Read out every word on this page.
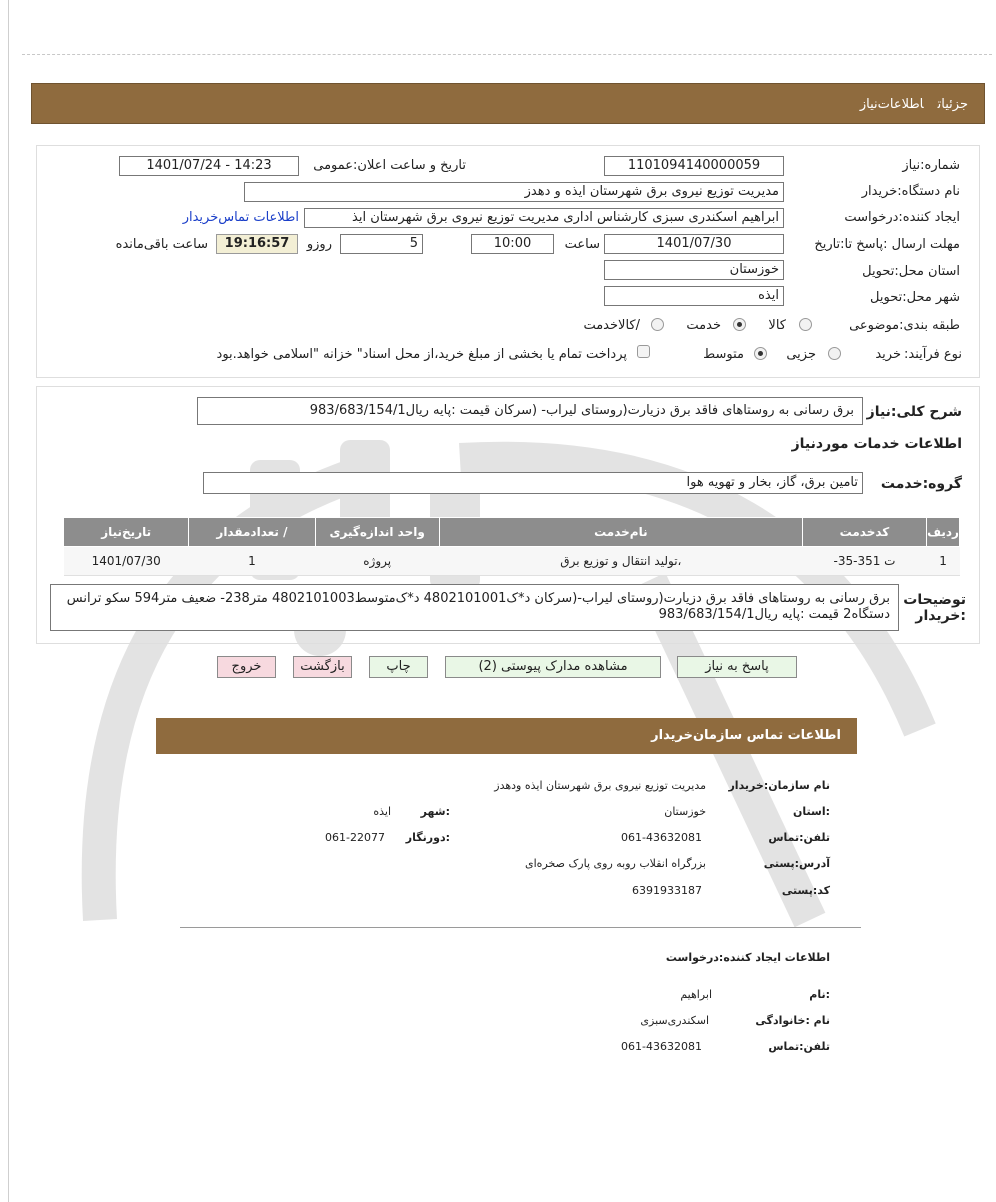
جزئیاتاطلاعات‌نیاز
شماره:نیاز
1101094140000059
تاریخ و ساعت اعلان:عمومی
1401/07/24 - 14:23
نام دستگاه:خریدار
مدیریت توزیع نیروی برق شهرستان ایذه و دهدز
ایجاد کننده:درخواست
ابراهیم اسکندری سبزی کارشناس اداری مدیریت توزیع نیروی برق شهرستان ایذ
اطلاعات تماس‌خریدار
مهلت ارسال :پاسخ تا:تاریخ
1401/07/30
ساعت
10:00
5
روزو
19:16:57
ساعت باقی‌مانده
استان محل:تحویل
خوزستان
شهر محل:تحویل
ایذه
طبقه بندی:موضوعی
کالا
خدمت
/کالاخدمت
نوع فرآیند:
خرید
جزیی
متوسط
پرداخت تمام یا بخشی از مبلغ خرید،از محل اسناد" خزانه "اسلامی خواهد.بود
شرح کلی:نیاز
برق رسانی به روستاهای فاقد برق دزیارت(روستای لیراب- (سرکان قیمت :پایه ریال983/683/154/1
اطلاعات خدمات موردنیاز
گروه:خدمت
تامین برق، گاز، بخار و تهویه هوا
ردیف	کدخدمت	نام‌خدمت	واحد اندازه‌گیری	/ تعدادمقدار	تاریخ‌نیاز
1	ت 351-35-	،تولید انتقال و توزیع برق	پروژه	1	1401/07/30
توضیحات :خریدار
برق رسانی به روستاهای فاقد برق دزیارت(روستای لیراب-(سرکان د*ک4802101001 د*ک‌متوسط4802101003 متر238- ضعیف متر594 سکو ترانس دستگاه2 قیمت :پایه ریال983/683/154/1
پاسخ به نیاز
مشاهده مدارک پیوستی (2)
چاپ
بازگشت
خروج
اطلاعات تماس سازمان‌خریدار
نام سازمان:خریدار
مدیریت توزیع نیروی برق شهرستان ایذه ودهدز
:استان
خوزستان
:شهر
ایذه
تلفن:تماس
061-43632081
:دورنگار
061-22077
آدرس:پستی
بزرگراه انقلاب روبه روی پارک صخره‌ای
کد:پستی
6391933187
اطلاعات ایجاد کننده:درخواست
:نام
ابراهیم
نام :خانوادگی
اسکندری‌سبزی
تلفن:تماس
061-43632081
